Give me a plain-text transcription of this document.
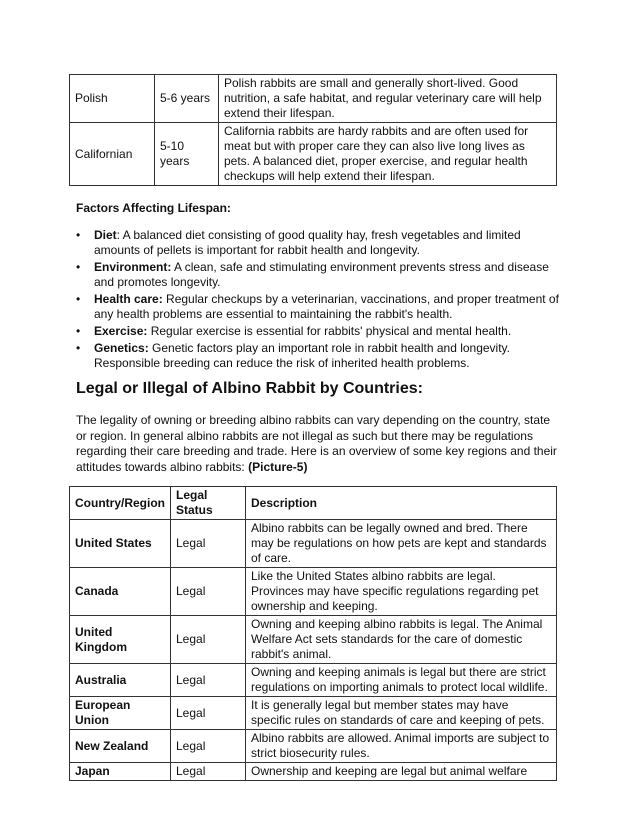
Polish	5-6 years	Polish rabbits are small and generally short-lived. Good nutrition, a safe habitat, and regular veterinary care will help extend their lifespan.
Californian	5-10 years	California rabbits are hardy rabbits and are often used for meat but with proper care they can also live long lives as pets. A balanced diet, proper exercise, and regular health checkups will help extend their lifespan.
Factors Affecting Lifespan:
• Diet: A balanced diet consisting of good quality hay, fresh vegetables and limited amounts of pellets is important for rabbit health and longevity.
• Environment: A clean, safe and stimulating environment prevents stress and disease and promotes longevity.
• Health care: Regular checkups by a veterinarian, vaccinations, and proper treatment of any health problems are essential to maintaining the rabbit's health.
• Exercise: Regular exercise is essential for rabbits' physical and mental health.
• Genetics: Genetic factors play an important role in rabbit health and longevity. Responsible breeding can reduce the risk of inherited health problems.
Legal or Illegal of Albino Rabbit by Countries:

The legality of owning or breeding albino rabbits can vary depending on the country, state or region. In general albino rabbits are not illegal as such but there may be regulations regarding their care breeding and trade. Here is an overview of some key regions and their attitudes towards albino rabbits: (Picture-5)

Country/Region	Legal Status	Description
United States	Legal	Albino rabbits can be legally owned and bred. There may be regulations on how pets are kept and standards of care.
Canada	Legal	Like the United States albino rabbits are legal. Provinces may have specific regulations regarding pet ownership and keeping.
United Kingdom	Legal	Owning and keeping albino rabbits is legal. The Animal Welfare Act sets standards for the care of domestic rabbit's animal.
Australia	Legal	Owning and keeping animals is legal but there are strict regulations on importing animals to protect local wildlife.
European Union	Legal	It is generally legal but member states may have specific rules on standards of care and keeping of pets.
New Zealand	Legal	Albino rabbits are allowed. Animal imports are subject to strict biosecurity rules.
Japan	Legal	Ownership and keeping are legal but animal welfare
